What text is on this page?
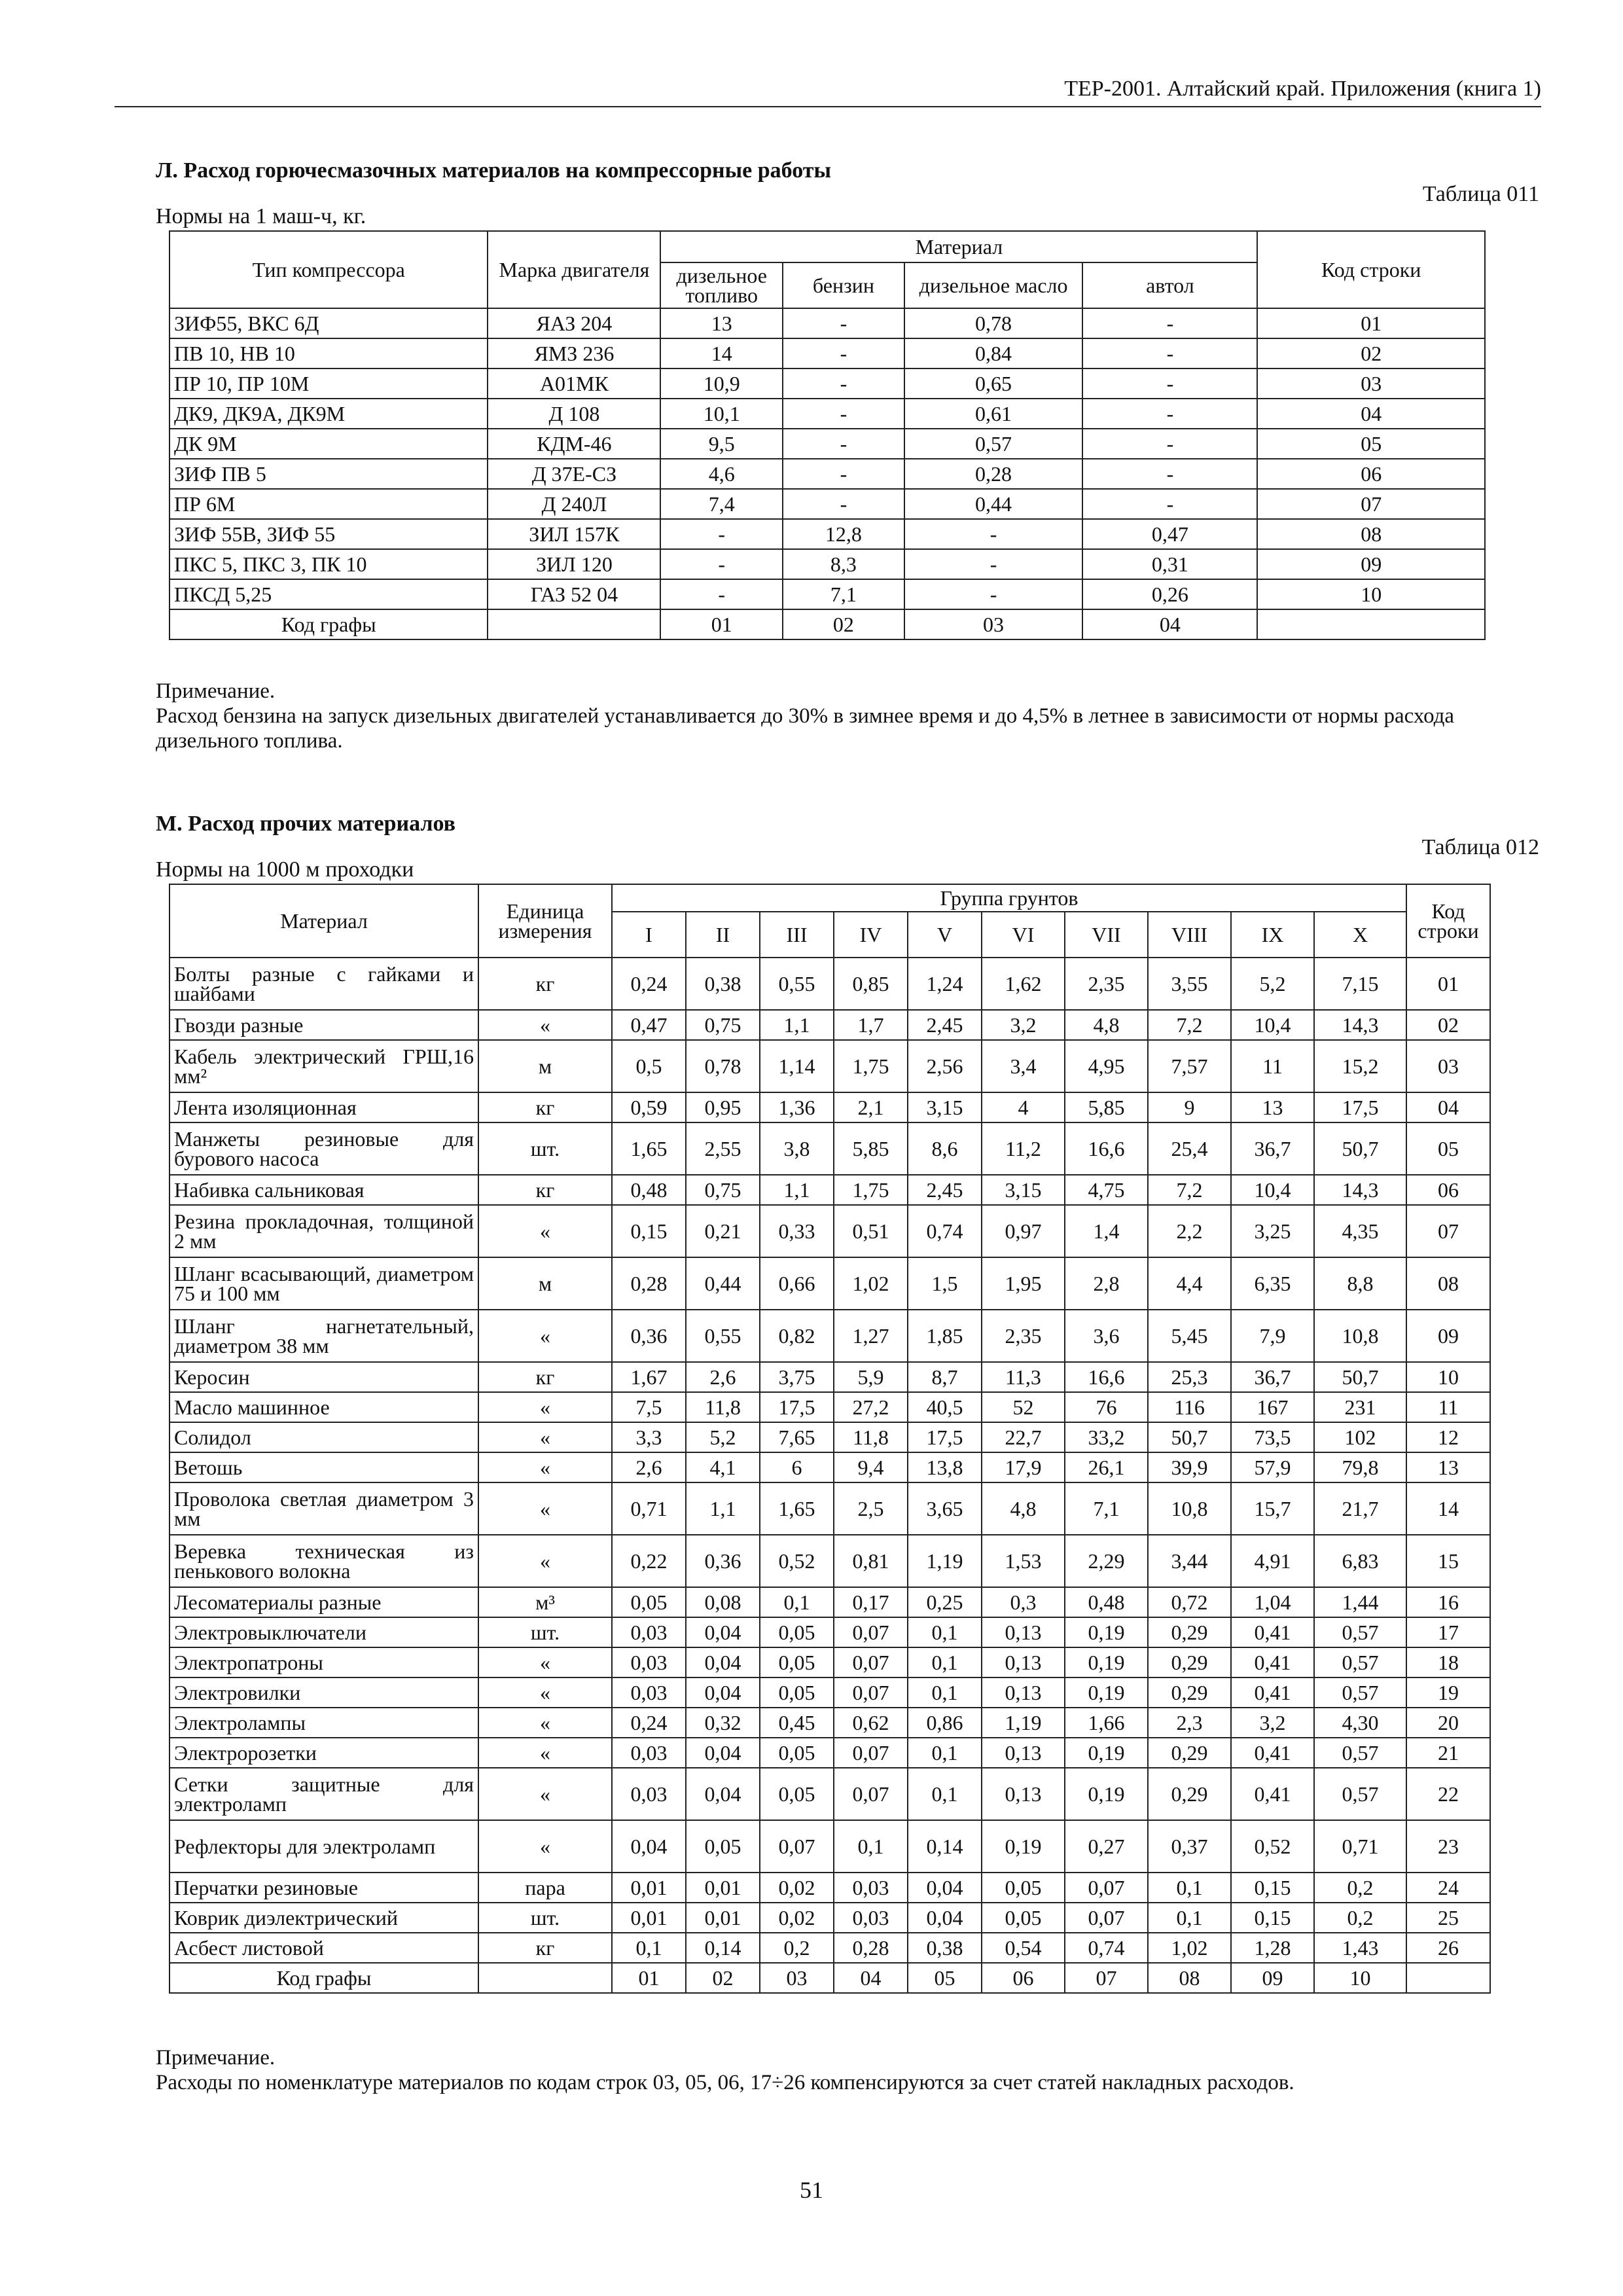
ТЕР-2001. Алтайский край. Приложения (книга 1)
Л. Расход горючесмазочных материалов на компрессорные работы
Таблица 011
Нормы на 1 маш-ч, кг.
Тип компрессора	Марка двигателя	Материал				Код строки
		дизельное топливо	бензин	дизельное масло	автол	
ЗИФ55, ВКС 6Д	ЯАЗ 204	13	-	0,78	-	01
ПВ 10, НВ 10	ЯМЗ 236	14	-	0,84	-	02
ПР 10, ПР 10М	А01МК	10,9	-	0,65	-	03
ДК9, ДК9А, ДК9М	Д 108	10,1	-	0,61	-	04
ДК 9М	КДМ-46	9,5	-	0,57	-	05
ЗИФ ПВ 5	Д 37Е-СЗ	4,6	-	0,28	-	06
ПР 6М	Д 240Л	7,4	-	0,44	-	07
ЗИФ 55В, ЗИФ 55	ЗИЛ 157К	-	12,8	-	0,47	08
ПКС 5, ПКС 3, ПК 10	ЗИЛ 120	-	8,3	-	0,31	09
ПКСД 5,25	ГАЗ 52 04	-	7,1	-	0,26	10
Код графы		01	02	03	04	
Примечание.
Расход бензина на запуск дизельных двигателей устанавливается до 30% в зимнее время и до 4,5% в летнее в зависимости от нормы расхода дизельного топлива.
М. Расход прочих материалов
Таблица 012
Нормы на 1000 м проходки
Материал	Единица измерения	Группа грунтов										Код строки
		I	II	III	IV	V	VI	VII	VIII	IX	X	
Болты разные с гайками и шайбами	кг	0,24	0,38	0,55	0,85	1,24	1,62	2,35	3,55	5,2	7,15	01
Гвозди разные	«	0,47	0,75	1,1	1,7	2,45	3,2	4,8	7,2	10,4	14,3	02
Кабель электрический ГРШ,16 мм²	м	0,5	0,78	1,14	1,75	2,56	3,4	4,95	7,57	11	15,2	03
Лента изоляционная	кг	0,59	0,95	1,36	2,1	3,15	4	5,85	9	13	17,5	04
Манжеты резиновые для бурового насоса	шт.	1,65	2,55	3,8	5,85	8,6	11,2	16,6	25,4	36,7	50,7	05
Набивка сальниковая	кг	0,48	0,75	1,1	1,75	2,45	3,15	4,75	7,2	10,4	14,3	06
Резина прокладочная, толщиной 2 мм	«	0,15	0,21	0,33	0,51	0,74	0,97	1,4	2,2	3,25	4,35	07
Шланг всасывающий, диаметром 75 и 100 мм	м	0,28	0,44	0,66	1,02	1,5	1,95	2,8	4,4	6,35	8,8	08
Шланг нагнетательный, диаметром 38 мм	«	0,36	0,55	0,82	1,27	1,85	2,35	3,6	5,45	7,9	10,8	09
Керосин	кг	1,67	2,6	3,75	5,9	8,7	11,3	16,6	25,3	36,7	50,7	10
Масло машинное	«	7,5	11,8	17,5	27,2	40,5	52	76	116	167	231	11
Солидол	«	3,3	5,2	7,65	11,8	17,5	22,7	33,2	50,7	73,5	102	12
Ветошь	«	2,6	4,1	6	9,4	13,8	17,9	26,1	39,9	57,9	79,8	13
Проволока светлая диаметром 3 мм	«	0,71	1,1	1,65	2,5	3,65	4,8	7,1	10,8	15,7	21,7	14
Веревка техническая из пенькового волокна	«	0,22	0,36	0,52	0,81	1,19	1,53	2,29	3,44	4,91	6,83	15
Лесоматериалы разные	м³	0,05	0,08	0,1	0,17	0,25	0,3	0,48	0,72	1,04	1,44	16
Электровыключатели	шт.	0,03	0,04	0,05	0,07	0,1	0,13	0,19	0,29	0,41	0,57	17
Электропатроны	«	0,03	0,04	0,05	0,07	0,1	0,13	0,19	0,29	0,41	0,57	18
Электровилки	«	0,03	0,04	0,05	0,07	0,1	0,13	0,19	0,29	0,41	0,57	19
Электролампы	«	0,24	0,32	0,45	0,62	0,86	1,19	1,66	2,3	3,2	4,30	20
Электророзетки	«	0,03	0,04	0,05	0,07	0,1	0,13	0,19	0,29	0,41	0,57	21
Сетки защитные для электроламп	«	0,03	0,04	0,05	0,07	0,1	0,13	0,19	0,29	0,41	0,57	22
Рефлекторы для электроламп	«	0,04	0,05	0,07	0,1	0,14	0,19	0,27	0,37	0,52	0,71	23
Перчатки резиновые	пара	0,01	0,01	0,02	0,03	0,04	0,05	0,07	0,1	0,15	0,2	24
Коврик диэлектрический	шт.	0,01	0,01	0,02	0,03	0,04	0,05	0,07	0,1	0,15	0,2	25
Асбест листовой	кг	0,1	0,14	0,2	0,28	0,38	0,54	0,74	1,02	1,28	1,43	26
Код графы		01	02	03	04	05	06	07	08	09	10	
Примечание.
Расходы по номенклатуре материалов по кодам строк 03, 05, 06, 17÷26 компенсируются за счет статей накладных расходов.
51
